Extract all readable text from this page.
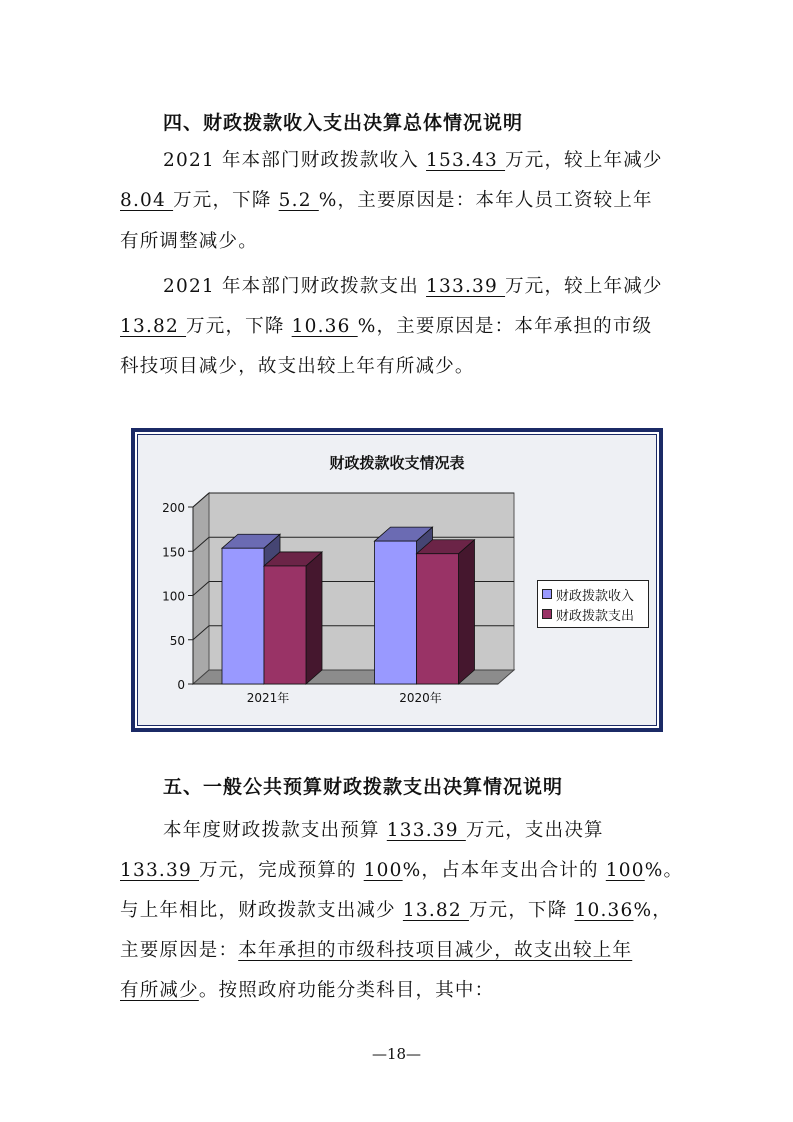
四、财政拨款收入支出决算总体情况说明
2021 年本部门财政拨款收入 153.43 万元，较上年减少
8.04 万元，下降 5.2 %，主要原因是：本年人员工资较上年
有所调整减少。
2021 年本部门财政拨款支出 133.39 万元，较上年减少
13.82 万元，下降 10.36 %，主要原因是：本年承担的市级
科技项目减少，故支出较上年有所减少。
财政拨款收支情况表
0
50
100
150
200
2021年	2020年
财政拨款收入
财政拨款支出
五、一般公共预算财政拨款支出决算情况说明
本年度财政拨款支出预算 133.39 万元，支出决算
133.39 万元，完成预算的 100%，占本年支出合计的 100%。
与上年相比，财政拨款支出减少 13.82 万元，下降 10.36%，
主要原因是：本年承担的市级科技项目减少，故支出较上年
有所减少。按照政府功能分类科目，其中：
—18—
